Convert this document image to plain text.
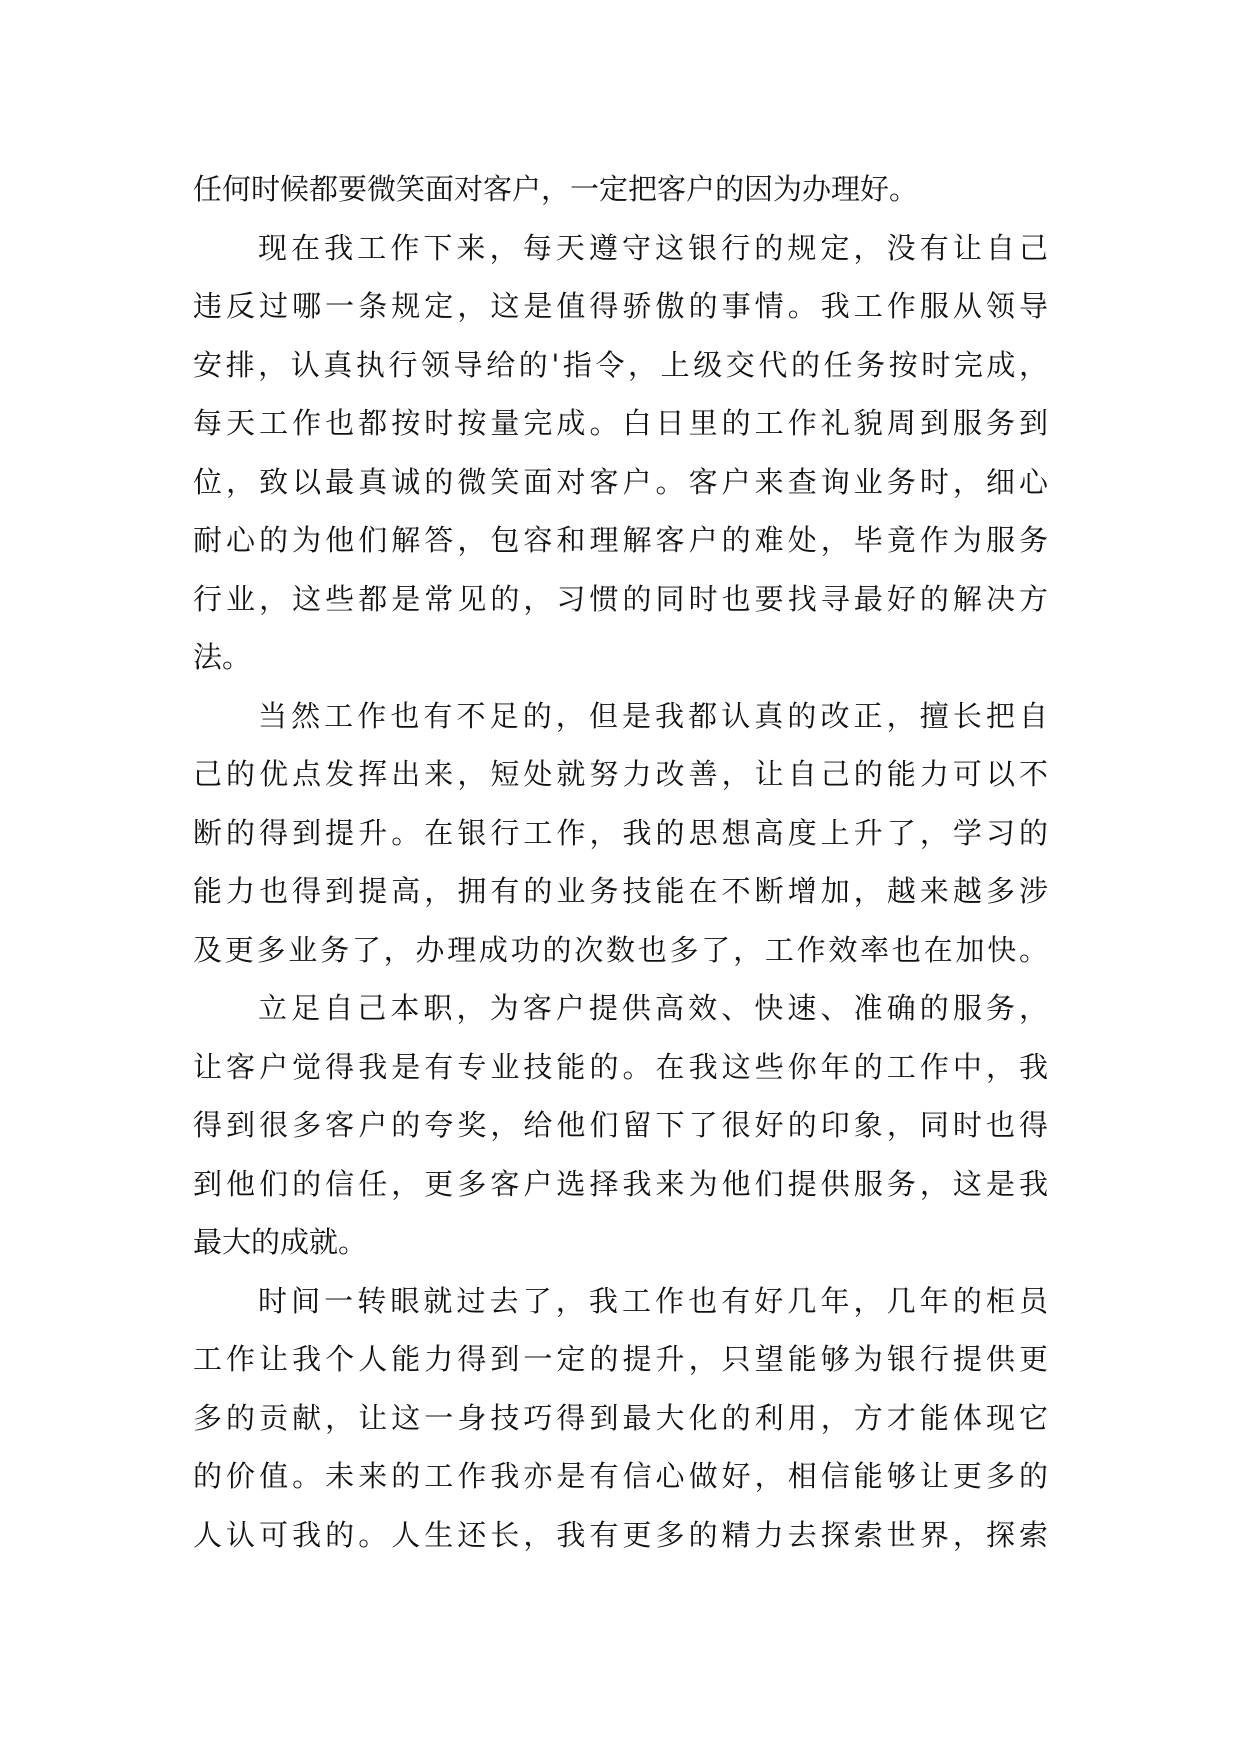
任何时候都要微笑面对客户，一定把客户的因为办理好。
现在我工作下来，每天遵守这银行的规定，没有让自己
违反过哪一条规定，这是值得骄傲的事情。我工作服从领导
安排，认真执行领导给的'指令，上级交代的任务按时完成，
每天工作也都按时按量完成。白日里的工作礼貌周到服务到
位，致以最真诚的微笑面对客户。客户来查询业务时，细心
耐心的为他们解答，包容和理解客户的难处，毕竟作为服务
行业，这些都是常见的，习惯的同时也要找寻最好的解决方
法。
当然工作也有不足的，但是我都认真的改正，擅长把自
己的优点发挥出来，短处就努力改善，让自己的能力可以不
断的得到提升。在银行工作，我的思想高度上升了，学习的
能力也得到提高，拥有的业务技能在不断增加，越来越多涉
及更多业务了，办理成功的次数也多了，工作效率也在加快。
立足自己本职，为客户提供高效、快速、准确的服务，
让客户觉得我是有专业技能的。在我这些你年的工作中，我
得到很多客户的夸奖，给他们留下了很好的印象，同时也得
到他们的信任，更多客户选择我来为他们提供服务，这是我
最大的成就。
时间一转眼就过去了，我工作也有好几年，几年的柜员
工作让我个人能力得到一定的提升，只望能够为银行提供更
多的贡献，让这一身技巧得到最大化的利用，方才能体现它
的价值。未来的工作我亦是有信心做好，相信能够让更多的
人认可我的。人生还长，我有更多的精力去探索世界，探索
